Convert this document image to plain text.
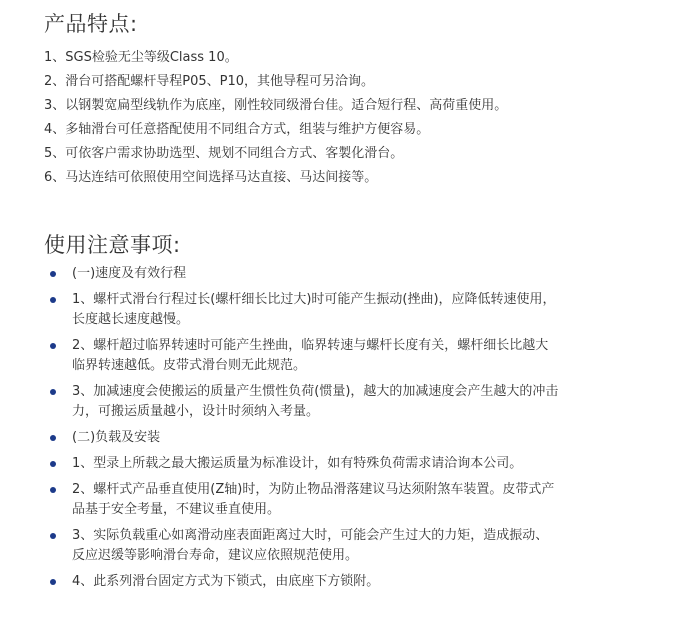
产品特点:
1、SGS检验无尘等级Class 10。
2、滑台可搭配螺杆导程P05、P10，其他导程可另洽询。
3、以钢製宽扁型线轨作为底座，刚性较同级滑台佳。适合短行程、高荷重使用。
4、多轴滑台可任意搭配使用不同组合方式，组装与维护方便容易。
5、可依客户需求协助选型、规划不同组合方式、客製化滑台。
6、马达连结可依照使用空间选择马达直接、马达间接等。
使用注意事项:
(一)速度及有效行程
1、螺杆式滑台行程过长(螺杆细长比过大)时可能产生振动(挫曲)，应降低转速使用，
长度越长速度越慢。
2、螺杆超过临界转速时可能产生挫曲，临界转速与螺杆长度有关，螺杆细长比越大
临界转速越低。皮带式滑台则无此规范。
3、加减速度会使搬运的质量产生惯性负荷(惯量)，越大的加减速度会产生越大的冲击
力，可搬运质量越小，设计时须纳入考量。
(二)负载及安装
1、型录上所载之最大搬运质量为标准设计，如有特殊负荷需求请洽询本公司。
2、螺杆式产品垂直使用(Z轴)时，为防止物品滑落建议马达须附煞车装置。皮带式产
品基于安全考量，不建议垂直使用。
3、实际负载重心如离滑动座表面距离过大时，可能会产生过大的力矩，造成振动、
反应迟缓等影响滑台寿命，建议应依照规范使用。
4、此系列滑台固定方式为下锁式，由底座下方锁附。
